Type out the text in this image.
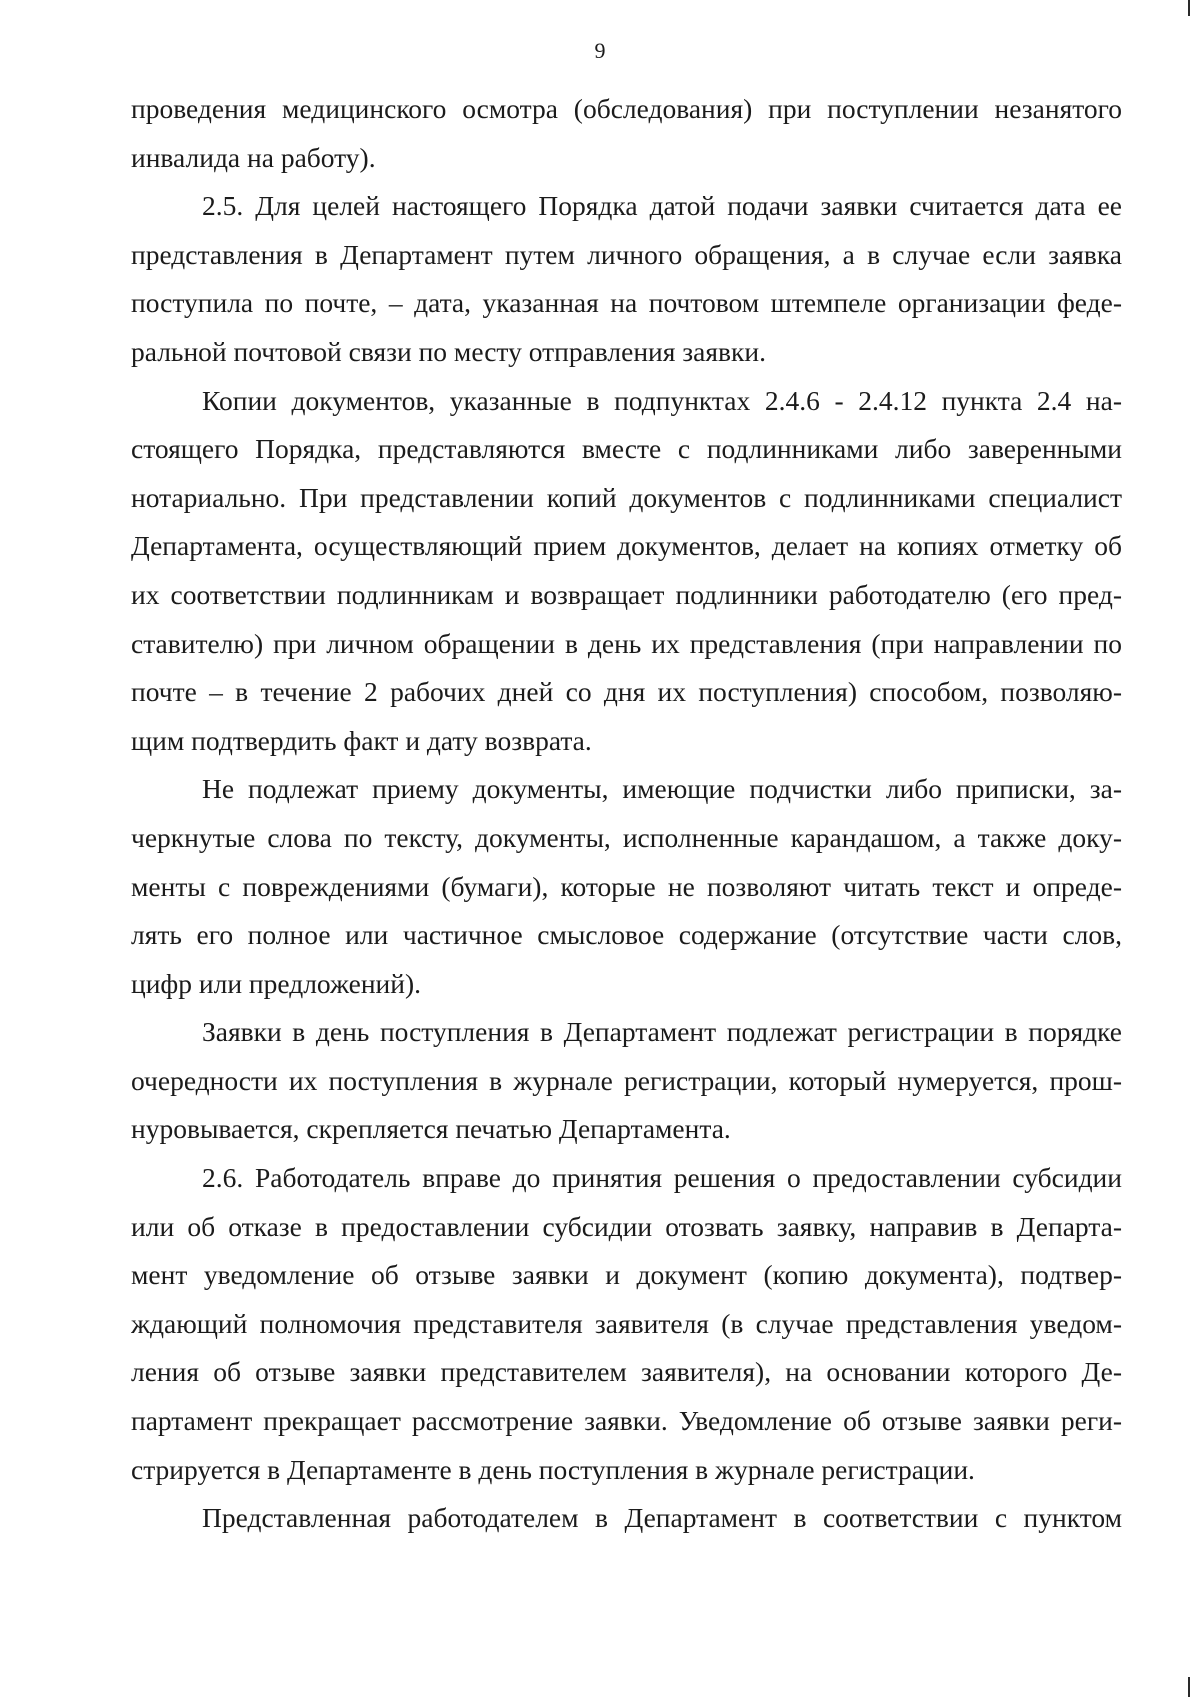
9
проведения медицинского осмотра (обследования) при поступлении незанятого
инвалида на работу).
2.5. Для целей настоящего Порядка датой подачи заявки считается дата ее
представления в Департамент путем личного обращения, а в случае если заявка
поступила по почте, – дата, указанная на почтовом штемпеле организации феде-
ральной почтовой связи по месту отправления заявки.
Копии документов, указанные в подпунктах 2.4.6 - 2.4.12 пункта 2.4 на-
стоящего Порядка, представляются вместе с подлинниками либо заверенными
нотариально. При представлении копий документов с подлинниками специалист
Департамента, осуществляющий прием документов, делает на копиях отметку об
их соответствии подлинникам и возвращает подлинники работодателю (его пред-
ставителю) при личном обращении в день их представления (при направлении по
почте – в течение 2 рабочих дней со дня их поступления) способом, позволяю-
щим подтвердить факт и дату возврата.
Не подлежат приему документы, имеющие подчистки либо приписки, за-
черкнутые слова по тексту, документы, исполненные карандашом, а также доку-
менты с повреждениями (бумаги), которые не позволяют читать текст и опреде-
лять его полное или частичное смысловое содержание (отсутствие части слов,
цифр или предложений).
Заявки в день поступления в Департамент подлежат регистрации в порядке
очередности их поступления в журнале регистрации, который нумеруется, прош-
нуровывается, скрепляется печатью Департамента.
2.6. Работодатель вправе до принятия решения о предоставлении субсидии
или об отказе в предоставлении субсидии отозвать заявку, направив в Департа-
мент уведомление об отзыве заявки и документ (копию документа), подтвер-
ждающий полномочия представителя заявителя (в случае представления уведом-
ления об отзыве заявки представителем заявителя), на основании которого Де-
партамент прекращает рассмотрение заявки. Уведомление об отзыве заявки реги-
стрируется в Департаменте в день поступления в журнале регистрации.
Представленная работодателем в Департамент в соответствии с пунктом
